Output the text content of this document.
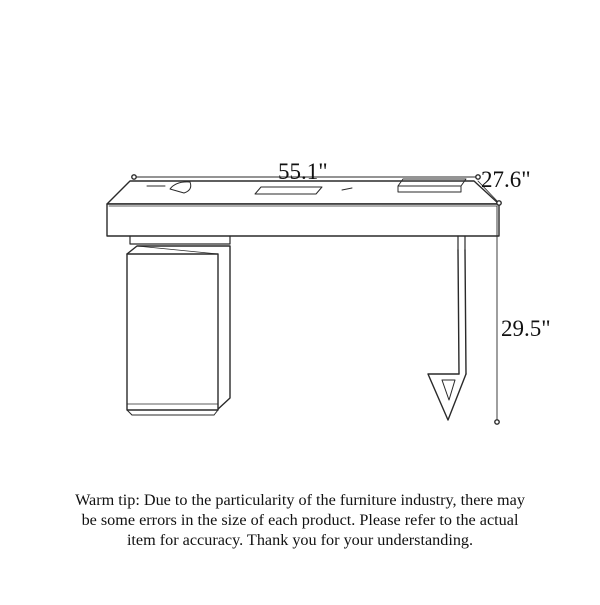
55.1"	27.6"
29.5"
Warm tip: Due to the particularity of the furniture industry, there may
be some errors in the size of each product. Please refer to the actual
item for accuracy. Thank you for your understanding.
